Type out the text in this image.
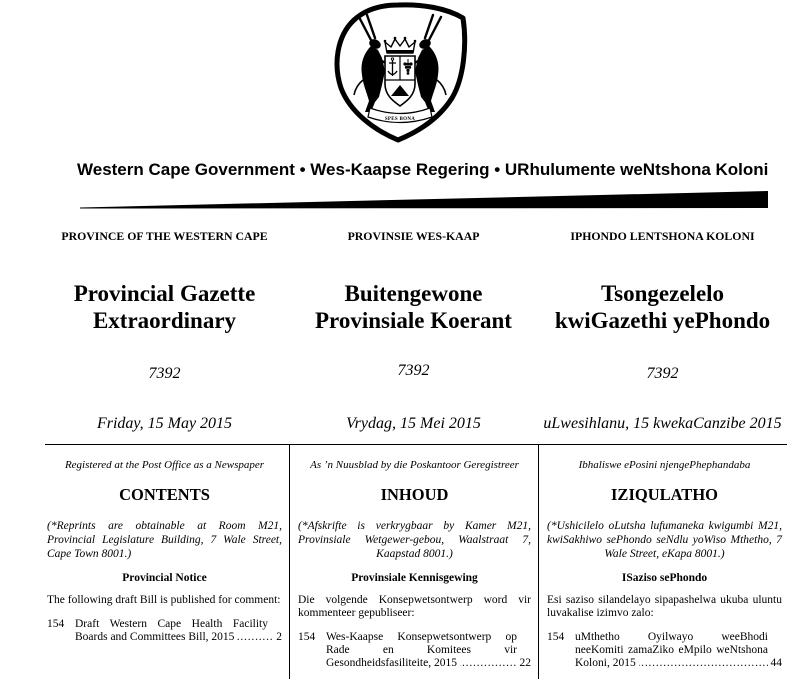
SPES BONA
Western Cape Government • Wes-Kaapse Regering • URhulumente weNtshona Koloni
PROVINCE OF THE WESTERN CAPE
Provincial Gazette
Extraordinary
7392
Friday, 15 May 2015
PROVINSIE WES-KAAP
Buitengewone
Provinsiale Koerant
7392
Vrydag, 15 Mei 2015
IPHONDO LENTSHONA KOLONI
Tsongezelelo
kwiGazethi yePhondo
7392
uLwesihlanu, 15 kwekaCanzibe 2015
Registered at the Post Office as a Newspaper
CONTENTS
(*Reprints are obtainable at Room M21, Provincial Legislature Building, 7 Wale Street, Cape Town 8001.)
Provincial Notice
The following draft Bill is published for comment:
154 ..... Draft Western Cape Health Facility Boards and Committees Bill, 2015	2
As ’n Nuusblad by die Poskantoor Geregistreer
INHOUD
(*Afskrifte is verkrygbaar by Kamer M21, Provinsiale Wetgewer-gebou, Waalstraat 7, Kaapstad 8001.)
Provinsiale Kennisgewing
Die volgende Konsepwetsontwerp word vir kommenteer gepubliseer:
154 ..... Wes-Kaapse Konsepwetsontwerp op Rade en Komitees vir Gesondheidsfasiliteite, 2015	22
Ibhaliswe ePosini njengePhephandaba
IZIQULATHO
(*Ushicilelo oLutsha lufumaneka kwigumbi M21, kwiSakhiwo sePhondo seNdlu yoWiso Mthetho, 7 Wale Street, eKapa 8001.)
ISaziso sePhondo
Esi saziso silandelayo sipapashelwa ukuba uluntu luvakalise izimvo zalo:
154 ..... uMthetho Oyilwayo weeBhodi neeKomiti zamaZiko eMpilo weNtshona Koloni, 2015	44
